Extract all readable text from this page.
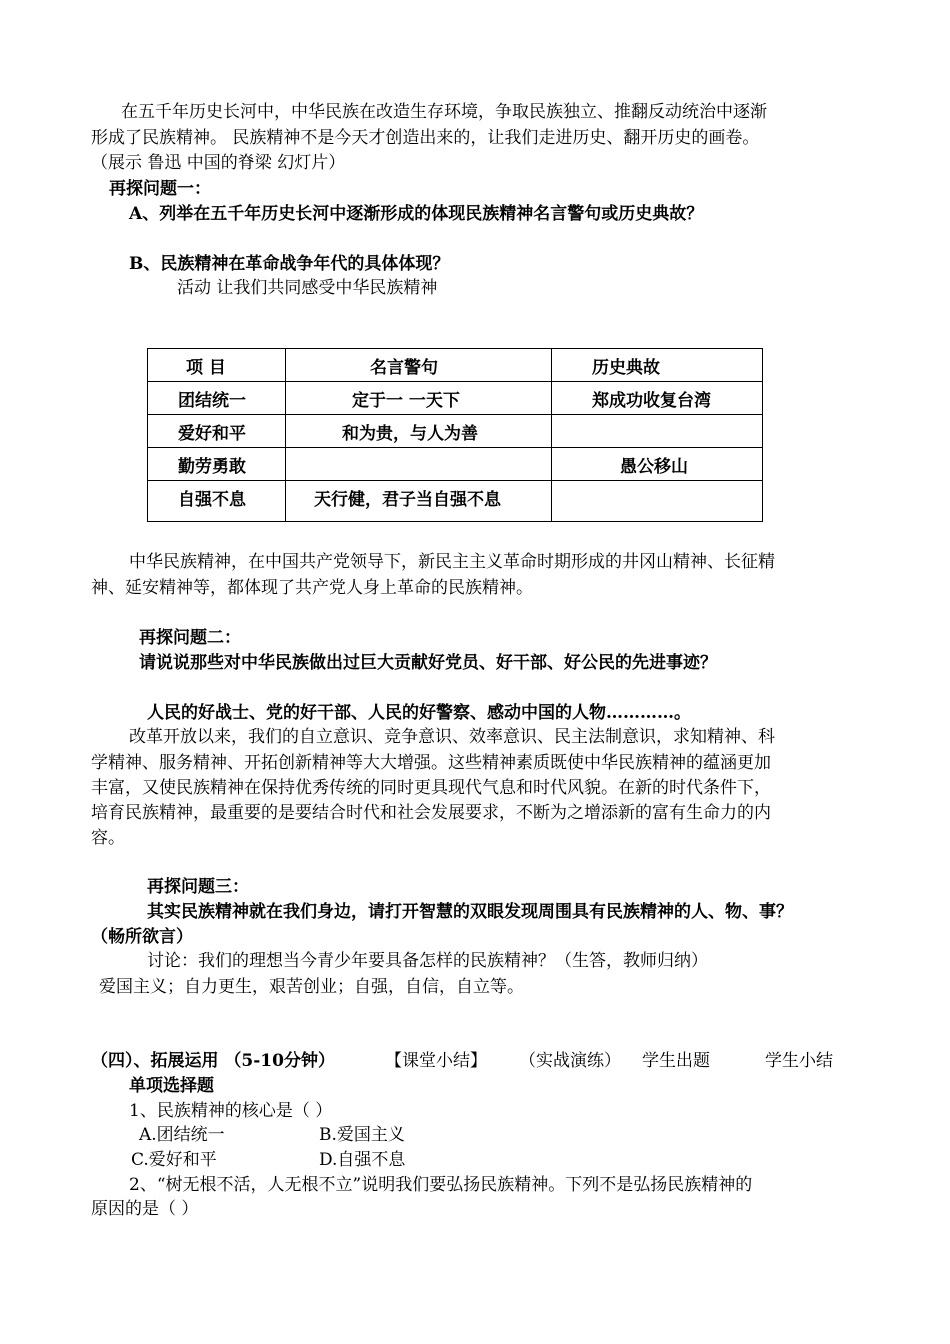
在五千年历史长河中，中华民族在改造生存环境，争取民族独立、推翻反动统治中逐渐
形成了民族精神。 民族精神不是今天才创造出来的，让我们走进历史、翻开历史的画卷。
（展示 鲁迅 中国的脊梁 幻灯片）
再探问题一：
A、列举在五千年历史长河中逐渐形成的体现民族精神名言警句或历史典故？
B、民族精神在革命战争年代的具体体现？
活动 让我们共同感受中华民族精神
项 目	名言警句	历史典故

团结统一	定于一 一天下	郑成功收复台湾

爱好和平	和为贵，与人为善	

勤劳勇敢		愚公移山

自强不息	天行健，君子当自强不息	

中华民族精神，在中国共产党领导下，新民主主义革命时期形成的井冈山精神、长征精
神、延安精神等，都体现了共产党人身上革命的民族精神。
再探问题二：
请说说那些对中华民族做出过巨大贡献好党员、好干部、好公民的先进事迹？
人民的好战士、党的好干部、人民的好警察、感动中国的人物…………。
改革开放以来，我们的自立意识、竞争意识、效率意识、民主法制意识，求知精神、科
学精神、服务精神、开拓创新精神等大大增强。这些精神素质既使中华民族精神的蕴涵更加
丰富，又使民族精神在保持优秀传统的同时更具现代气息和时代风貌。在新的时代条件下，
培育民族精神，最重要的是要结合时代和社会发展要求，不断为之增添新的富有生命力的内
容。
再探问题三：
其实民族精神就在我们身边，请打开智慧的双眼发现周围具有民族精神的人、物、事？
（畅所欲言）
讨论：我们的理想当今青少年要具备怎样的民族精神？（生答，教师归纳）
爱国主义；自力更生，艰苦创业；自强，自信，自立等。
（四）、拓展运用 （5-10分钟）	【课堂小结】 （实战演练） 学生出题	学生小结
单项选择题
1、民族精神的核心是（ ）
A.团结统一	B.爱国主义
C.爱好和平	D.自强不息
2、“树无根不活，人无根不立”说明我们要弘扬民族精神。下列不是弘扬民族精神的
原因的是（ ）
